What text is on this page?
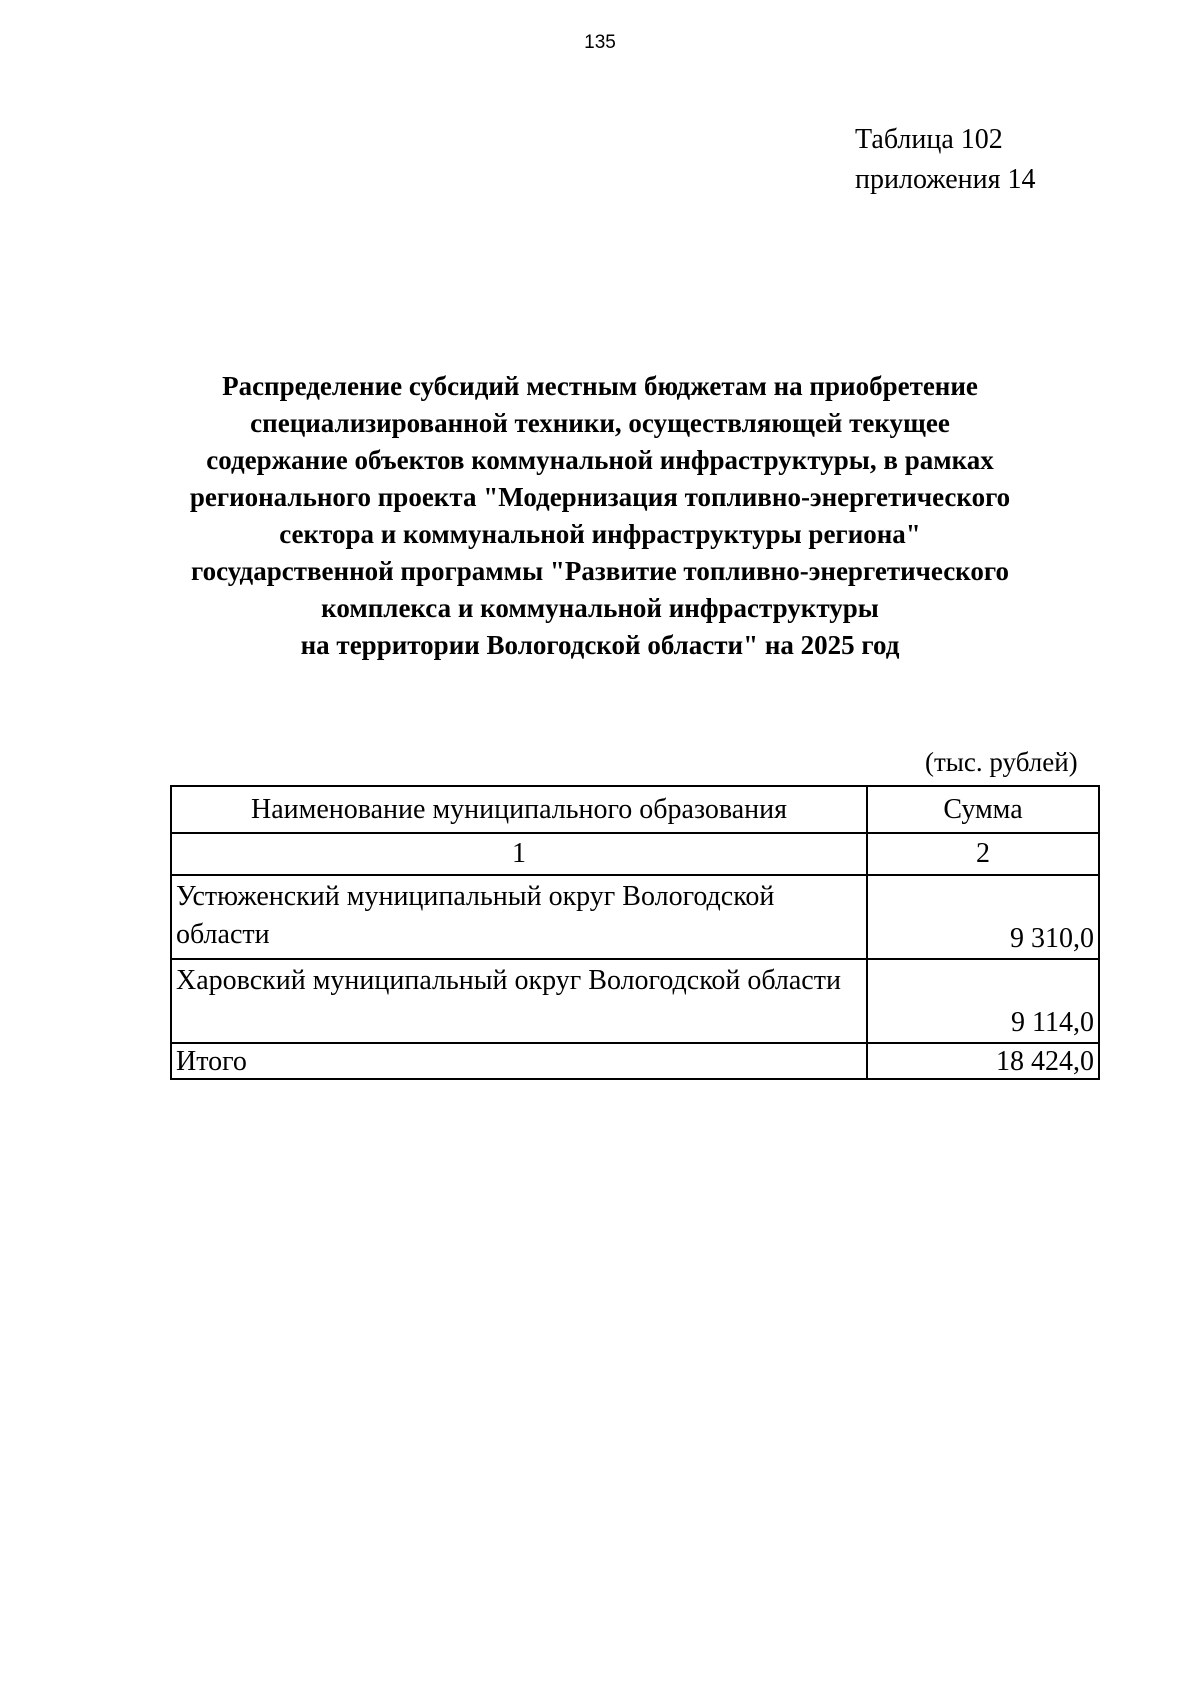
135
Таблица 102
приложения 14
Распределение субсидий местным бюджетам на приобретение
специализированной техники, осуществляющей текущее
содержание объектов коммунальной инфраструктуры, в рамках
регионального проекта "Модернизация топливно-энергетического
сектора и коммунальной инфраструктуры региона"
государственной программы "Развитие топливно-энергетического
комплекса и коммунальной инфраструктуры
на территории Вологодской области" на 2025 год
(тыс. рублей)
Наименование муниципального образования	Сумма
1	2
Устюженский муниципальный округ Вологодской области	9 310,0
Харовский муниципальный округ Вологодской области	9 114,0
Итого	18 424,0
